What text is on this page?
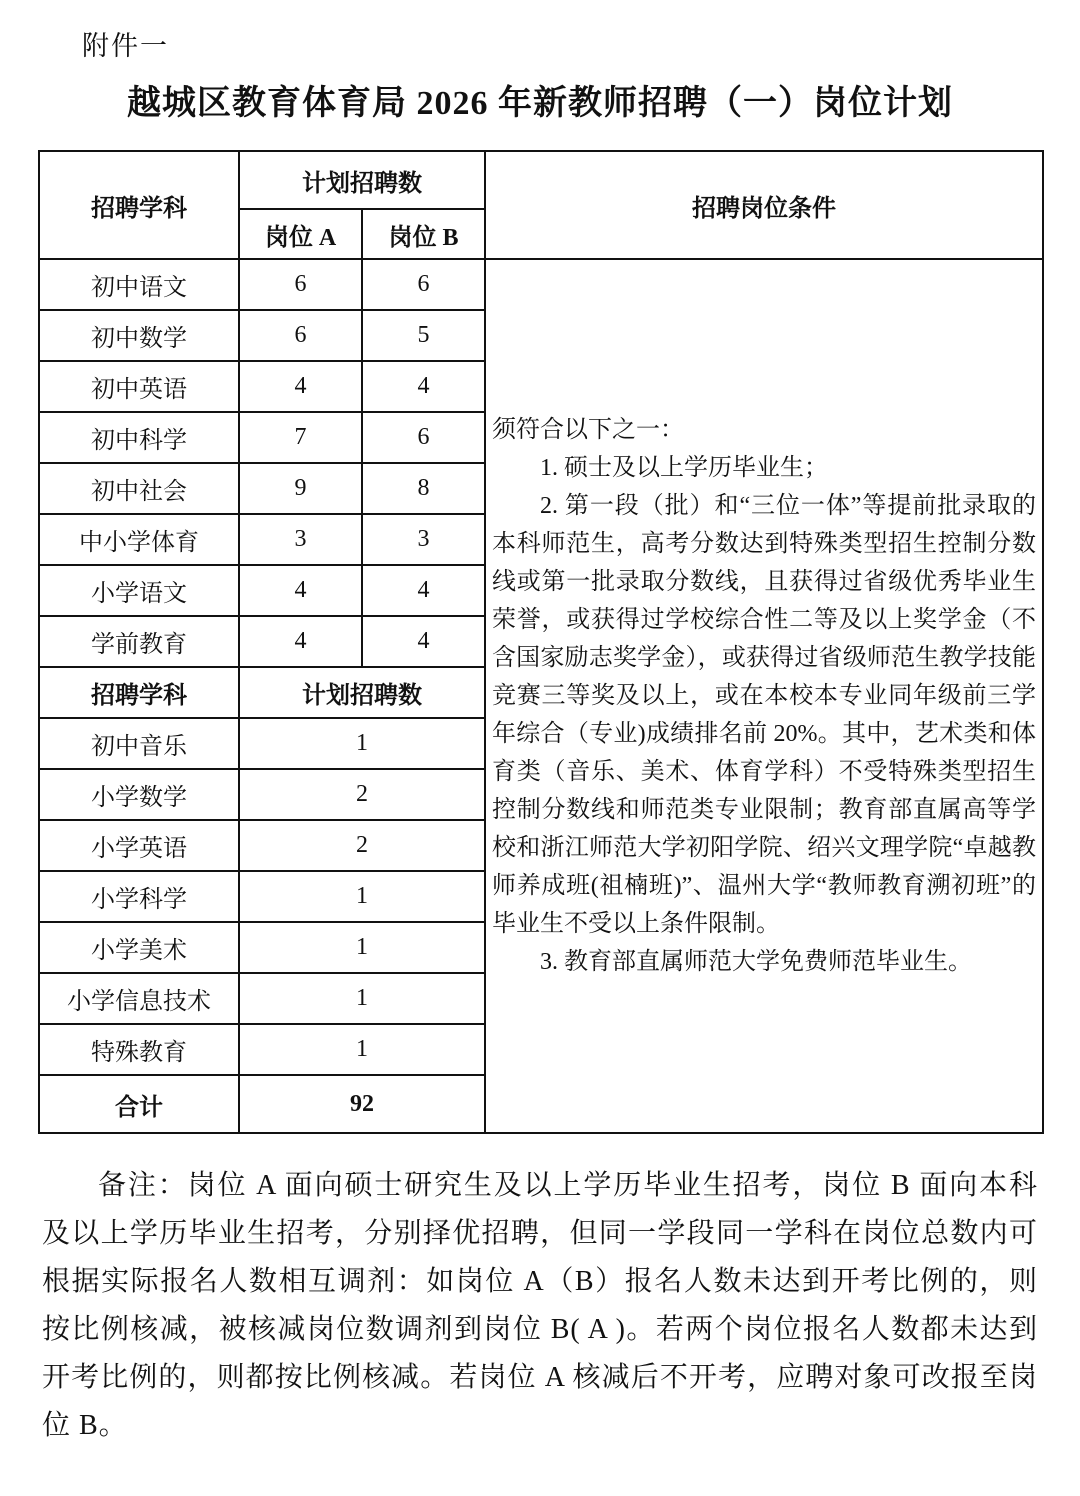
附件一
越城区教育体育局 2026 年新教师招聘（一）岗位计划
招聘学科	计划招聘数		招聘岗位条件
	岗位 A	岗位 B	
初中语文	6	6	须符合以下之一：

1. 硕士及以上学历毕业生；

2. 第一段（批）和“三位一体”等提前批录取的本科师范生，高考分数达到特殊类型招生控制分数线或第一批录取分数线，且获得过省级优秀毕业生荣誉，或获得过学校综合性二等及以上奖学金（不含国家励志奖学金），或获得过省级师范生教学技能竞赛三等奖及以上，或在本校本专业同年级前三学年综合（专业)成绩排名前 20%。其中，艺术类和体育类（音乐、美术、体育学科）不受特殊类型招生控制分数线和师范类专业限制；教育部直属高等学校和浙江师范大学初阳学院、绍兴文理学院“卓越教师养成班(祖楠班)”、温州大学“教师教育溯初班”的毕业生不受以上条件限制。

3. 教育部直属师范大学免费师范毕业生。

初中数学	6	5	
初中英语	4	4	
初中科学	7	6	
初中社会	9	8	
中小学体育	3	3	
小学语文	4	4	
学前教育	4	4	
招聘学科	计划招聘数		
初中音乐	1		
小学数学	2		
小学英语	2		
小学科学	1		
小学美术	1		
小学信息技术	1		
特殊教育	1		
合计	92		

备注：岗位 A 面向硕士研究生及以上学历毕业生招考，岗位 B 面向本科及以上学历毕业生招考，分别择优招聘，但同一学段同一学科在岗位总数内可根据实际报名人数相互调剂：如岗位 A（B）报名人数未达到开考比例的，则按比例核减，被核减岗位数调剂到岗位 B( A )。若两个岗位报名人数都未达到开考比例的，则都按比例核减。若岗位 A 核减后不开考，应聘对象可改报至岗位 B。
